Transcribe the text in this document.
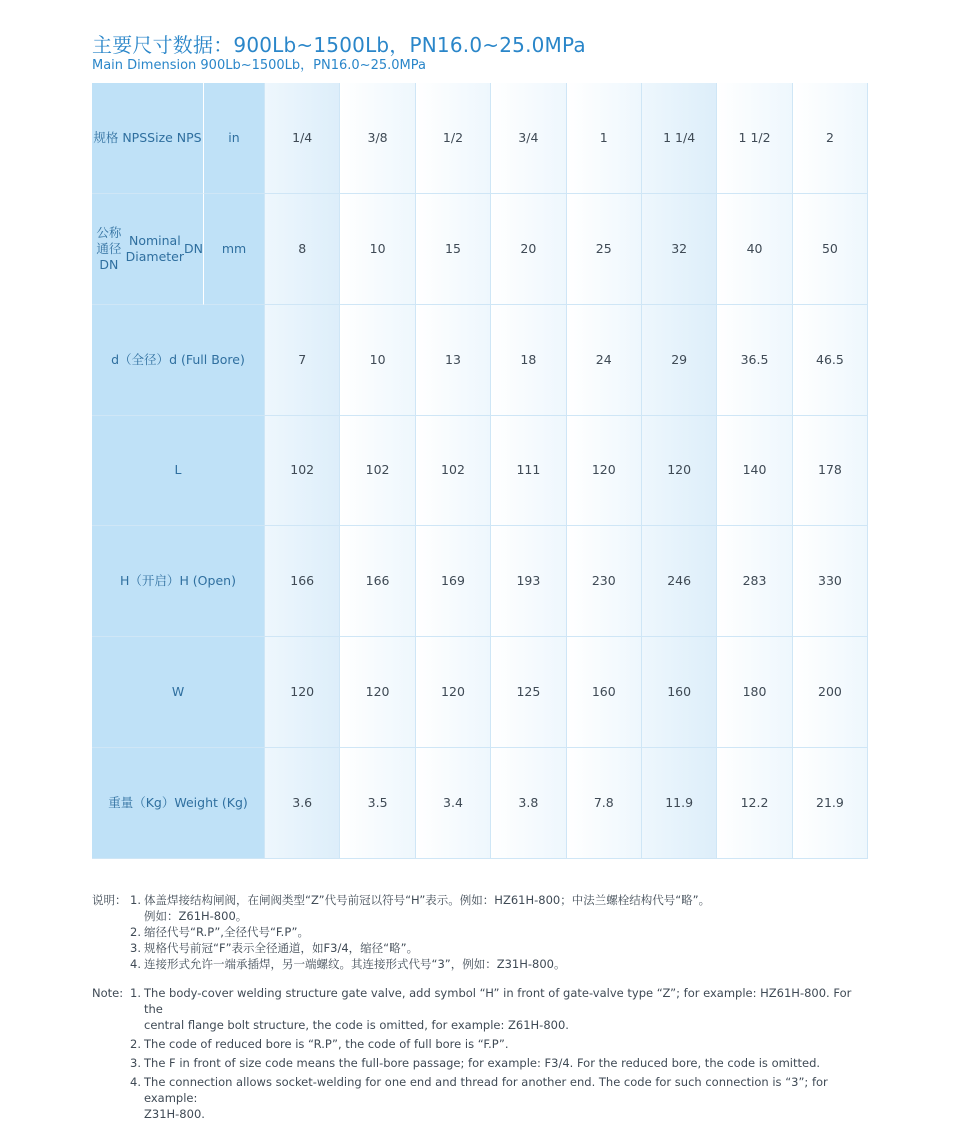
主要尺寸数据：900Lb~1500Lb，PN16.0~25.0MPa
Main Dimension 900Lb~1500Lb，PN16.0~25.0MPa
规格 NPS Size NPS	in	1/4	3/8	1/2	3/4	1	1 1/4	1 1/2	2
公称通径 DN
Nominal Diameter
DN	mm	8	10	15	20	25	32	40	50
d（全径） d (Full Bore)	7	10	13	18	24	29	36.5	46.5
L	102	102	102	111	120	120	140	178
H（开启） H (Open)	166	166	169	193	230	246	283	330
W	120	120	120	125	160	160	180	200
重量（Kg） Weight (Kg)	3.6	3.5	3.4	3.8	7.8	11.9	12.2	21.9
说明： 1. 体盖焊接结构闸阀，在闸阀类型“Z”代号前冠以符号“H”表示。例如：HZ61H-800；中法兰螺栓结构代号“略”。
例如：Z61H-800。
2. 缩径代号“R.P”,全径代号“F.P”。
3. 规格代号前冠“F”表示全径通道，如F3/4，缩径“略”。
4. 连接形式允许一端承插焊，另一端螺纹。其连接形式代号“3”，例如：Z31H-800。
Note: 1. The body-cover welding structure gate valve, add symbol “H” in front of gate-valve type “Z”; for example: HZ61H-800. For the
central flange bolt structure, the code is omitted, for example: Z61H-800.
2. The code of reduced bore is “R.P”, the code of full bore is “F.P”.
3. The F in front of size code means the full-bore passage; for example: F3/4. For the reduced bore, the code is omitted.
4. The connection allows socket-welding for one end and thread for another end. The code for such connection is “3”; for example:
Z31H-800.
